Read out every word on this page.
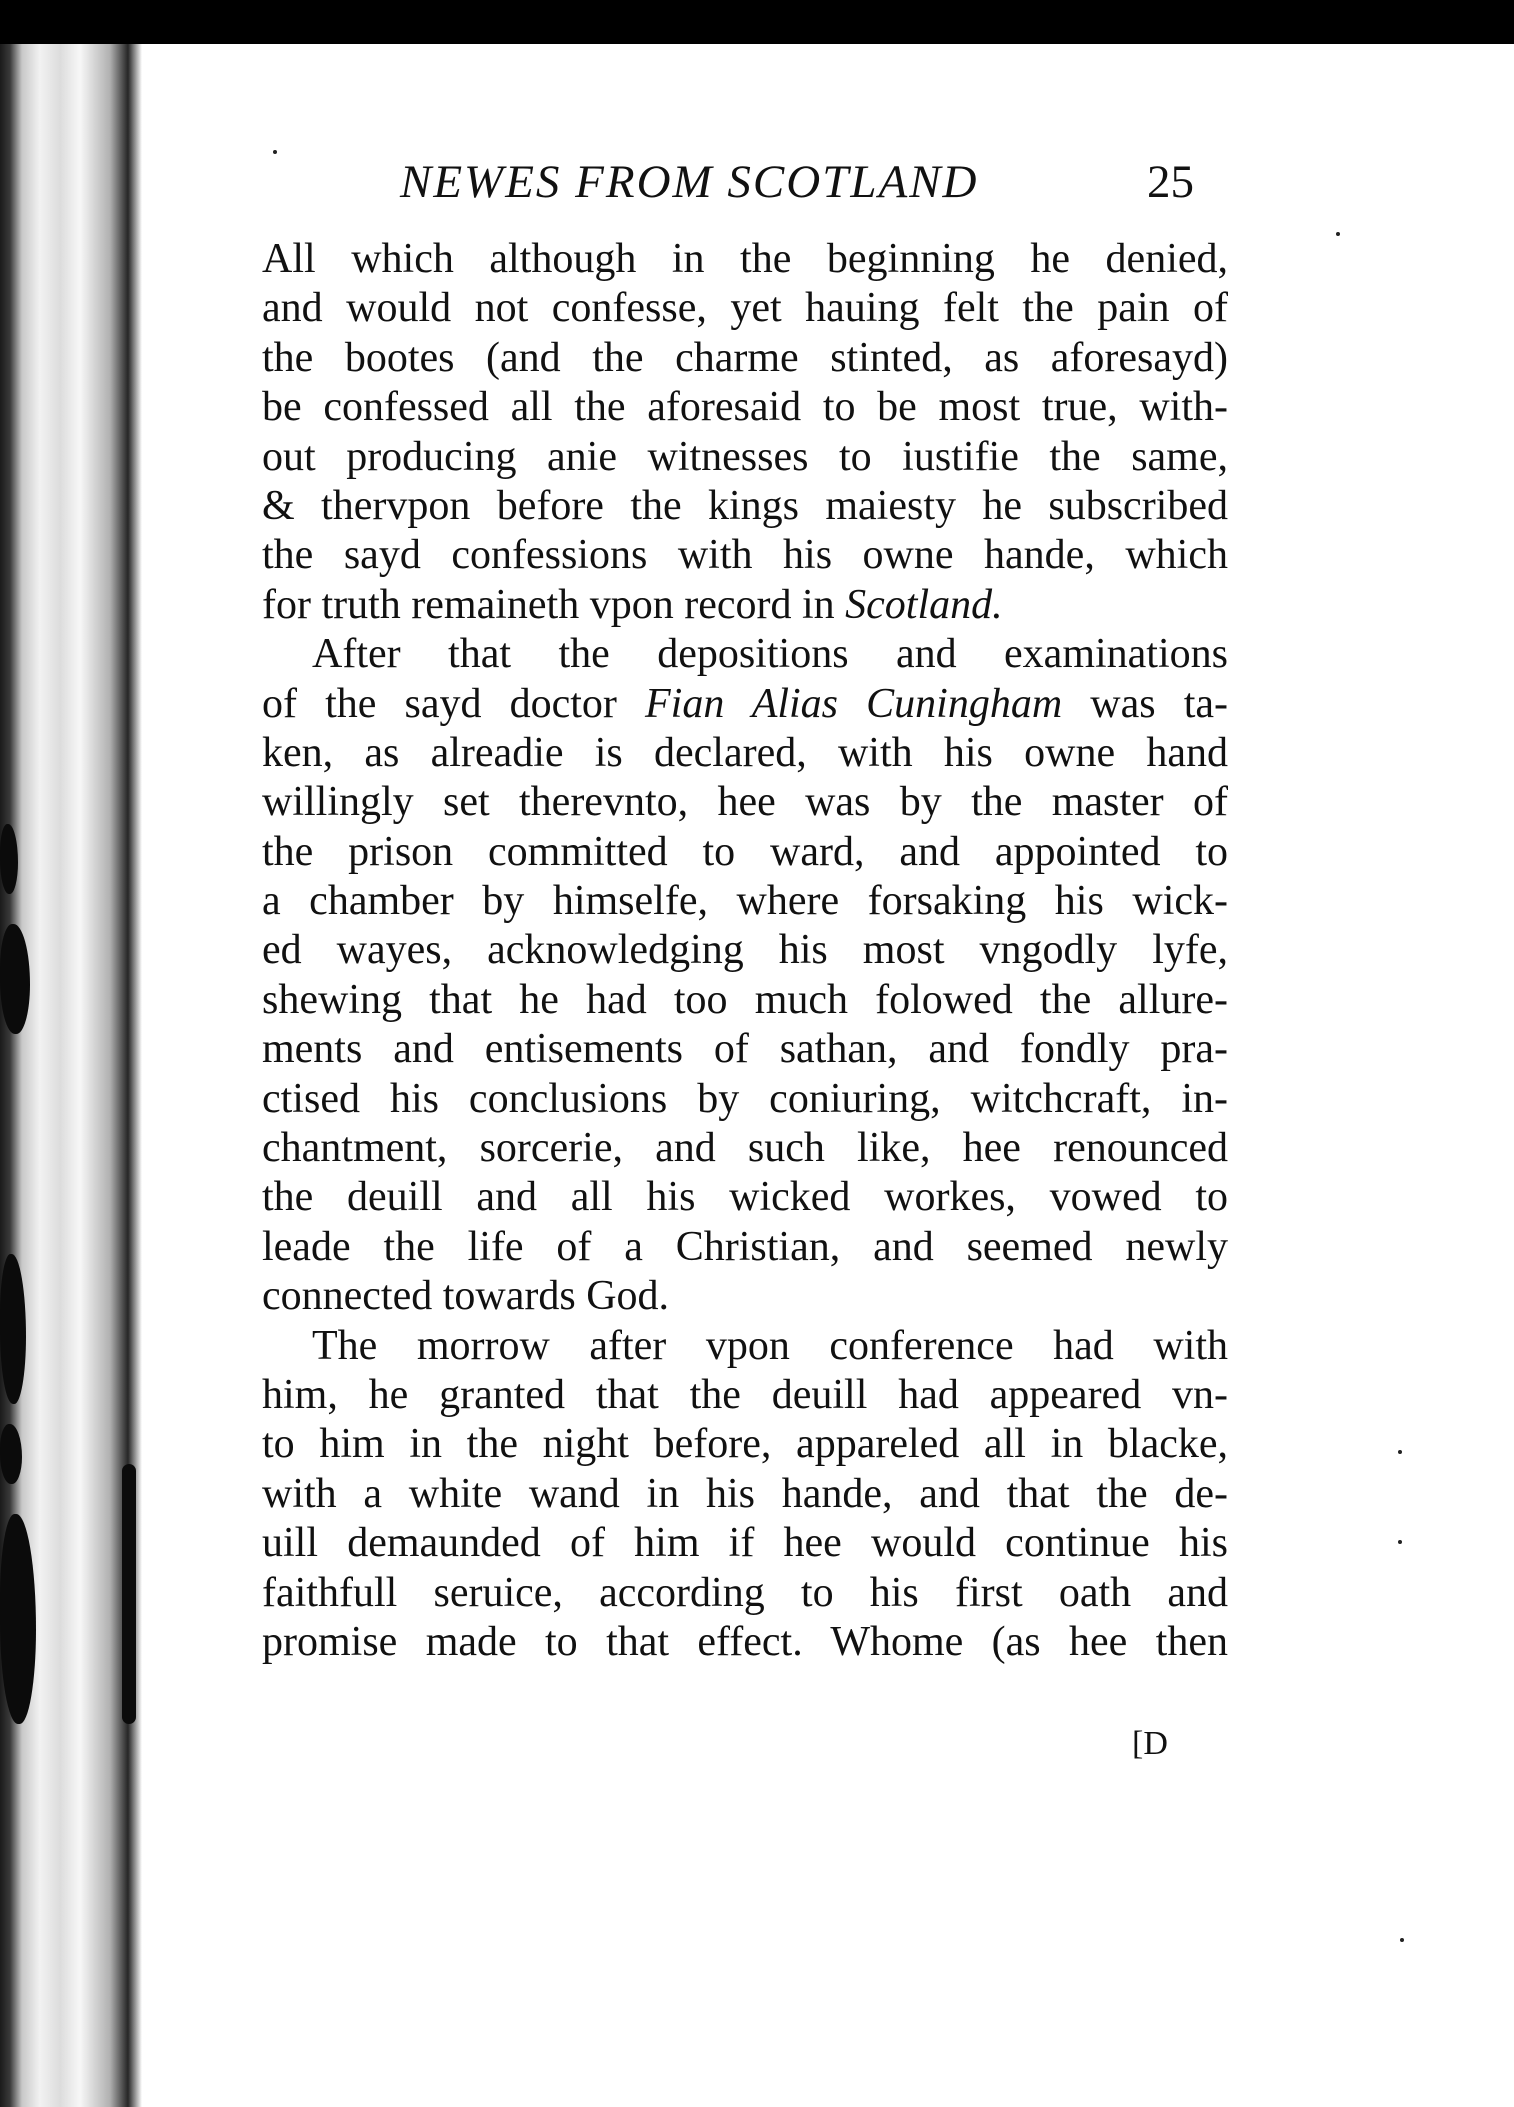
NEWES FROM SCOTLAND	25
All which although in the beginning he denied,
and would not confesse, yet hauing felt the pain of
the bootes (and the charme stinted, as aforesayd)
be confessed all the aforesaid to be most true, with-
out producing anie witnesses to iustifie the same,
& thervpon before the kings maiesty he subscribed
the sayd confessions with his owne hande, which
for truth remaineth vpon record in Scotland.
After that the depositions and examinations
of the sayd doctor Fian Alias Cuningham was ta-
ken, as alreadie is declared, with his owne hand
willingly set therevnto, hee was by the master of
the prison committed to ward, and appointed to
a chamber by himselfe, where forsaking his wick-
ed wayes, acknowledging his most vngodly lyfe,
shewing that he had too much folowed the allure-
ments and entisements of sathan, and fondly pra-
ctised his conclusions by coniuring, witchcraft, in-
chantment, sorcerie, and such like, hee renounced
the deuill and all his wicked workes, vowed to
leade the life of a Christian, and seemed newly
connected towards God.
The morrow after vpon conference had with
him, he granted that the deuill had appeared vn-
to him in the night before, appareled all in blacke,
with a white wand in his hande, and that the de-
uill demaunded of him if hee would continue his
faithfull seruice, according to his first oath and
promise made to that effect. Whome (as hee then
[D
